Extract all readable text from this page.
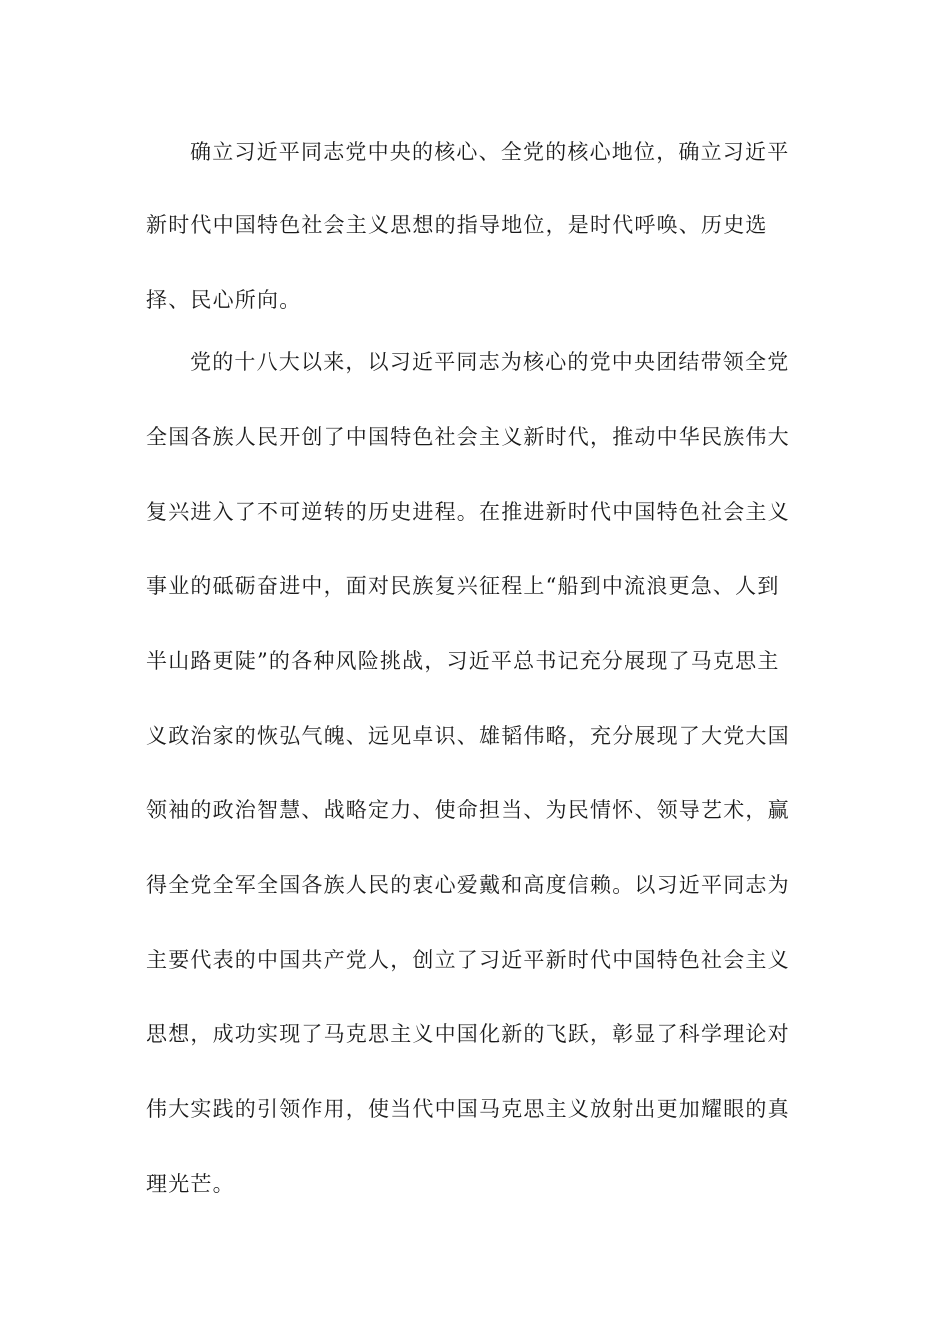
确立习近平同志党中央的核心、全党的核心地位，确立习近平
新时代中国特色社会主义思想的指导地位，是时代呼唤、历史选
择、民心所向。
党的十八大以来，以习近平同志为核心的党中央团结带领全党
全国各族人民开创了中国特色社会主义新时代，推动中华民族伟大
复兴进入了不可逆转的历史进程。在推进新时代中国特色社会主义
事业的砥砺奋进中，面对民族复兴征程上“船到中流浪更急、人到
半山路更陡”的各种风险挑战，习近平总书记充分展现了马克思主
义政治家的恢弘气魄、远见卓识、雄韬伟略，充分展现了大党大国
领袖的政治智慧、战略定力、使命担当、为民情怀、领导艺术，赢
得全党全军全国各族人民的衷心爱戴和高度信赖。以习近平同志为
主要代表的中国共产党人，创立了习近平新时代中国特色社会主义
思想，成功实现了马克思主义中国化新的飞跃，彰显了科学理论对
伟大实践的引领作用，使当代中国马克思主义放射出更加耀眼的真
理光芒。
